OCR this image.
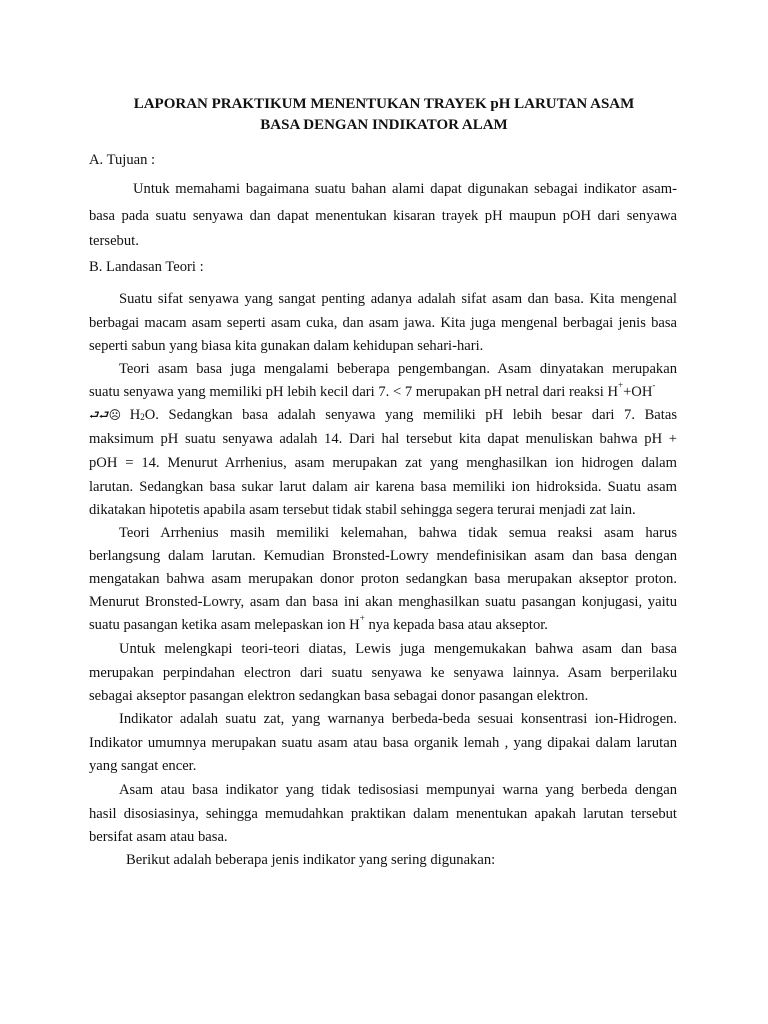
LAPORAN PRAKTIKUM MENENTUKAN TRAYEK pH LARUTAN ASAM
BASA DENGAN INDIKATOR ALAM
A. Tujuan :
Untuk memahami bagaimana suatu bahan alami dapat digunakan sebagai indikator asam-
basa pada suatu senyawa dan dapat menentukan kisaran trayek pH maupun pOH dari senyawa
tersebut.
B. Landasan Teori :
Suatu sifat senyawa yang sangat penting adanya adalah sifat asam dan basa. Kita mengenal
berbagai macam asam seperti asam cuka, dan asam jawa. Kita juga mengenal berbagai jenis basa
seperti sabun yang biasa kita gunakan dalam kehidupan sehari-hari.
Teori asam basa juga mengalami beberapa pengembangan. Asam dinyatakan merupakan
suatu senyawa yang memiliki pH lebih kecil dari 7. < 7 merupakan pH netral dari reaksi H++OH-
⮐⮐☹ $H_2O$. Sedangkan basa adalah senyawa yang memiliki pH lebih besar dari 7. Batas
maksimum pH suatu senyawa adalah 14. Dari hal tersebut kita dapat menuliskan bahwa pH +
pOH = 14. Menurut Arrhenius, asam merupakan zat yang menghasilkan ion hidrogen dalam
larutan. Sedangkan basa sukar larut dalam air karena basa memiliki ion hidroksida. Suatu asam
dikatakan hipotetis apabila asam tersebut tidak stabil sehingga segera terurai menjadi zat lain.
Teori Arrhenius masih memiliki kelemahan, bahwa tidak semua reaksi asam harus
berlangsung dalam larutan. Kemudian Bronsted-Lowry mendefinisikan asam dan basa dengan
mengatakan bahwa asam merupakan donor proton sedangkan basa merupakan akseptor proton.
Menurut Bronsted-Lowry, asam dan basa ini akan menghasilkan suatu pasangan konjugasi, yaitu
suatu pasangan ketika asam melepaskan ion H+ nya kepada basa atau akseptor.
Untuk melengkapi teori-teori diatas, Lewis juga mengemukakan bahwa asam dan basa
merupakan perpindahan electron dari suatu senyawa ke senyawa lainnya. Asam berperilaku
sebagai akseptor pasangan elektron sedangkan basa sebagai donor pasangan elektron.
Indikator adalah suatu zat, yang warnanya berbeda-beda sesuai konsentrasi ion-Hidrogen.
Indikator umumnya merupakan suatu asam atau basa organik lemah , yang dipakai dalam larutan
yang sangat encer.
Asam atau basa indikator yang tidak tedisosiasi mempunyai warna yang berbeda dengan
hasil disosiasinya, sehingga memudahkan praktikan dalam menentukan apakah larutan tersebut
bersifat asam atau basa.
Berikut adalah beberapa jenis indikator yang sering digunakan:
